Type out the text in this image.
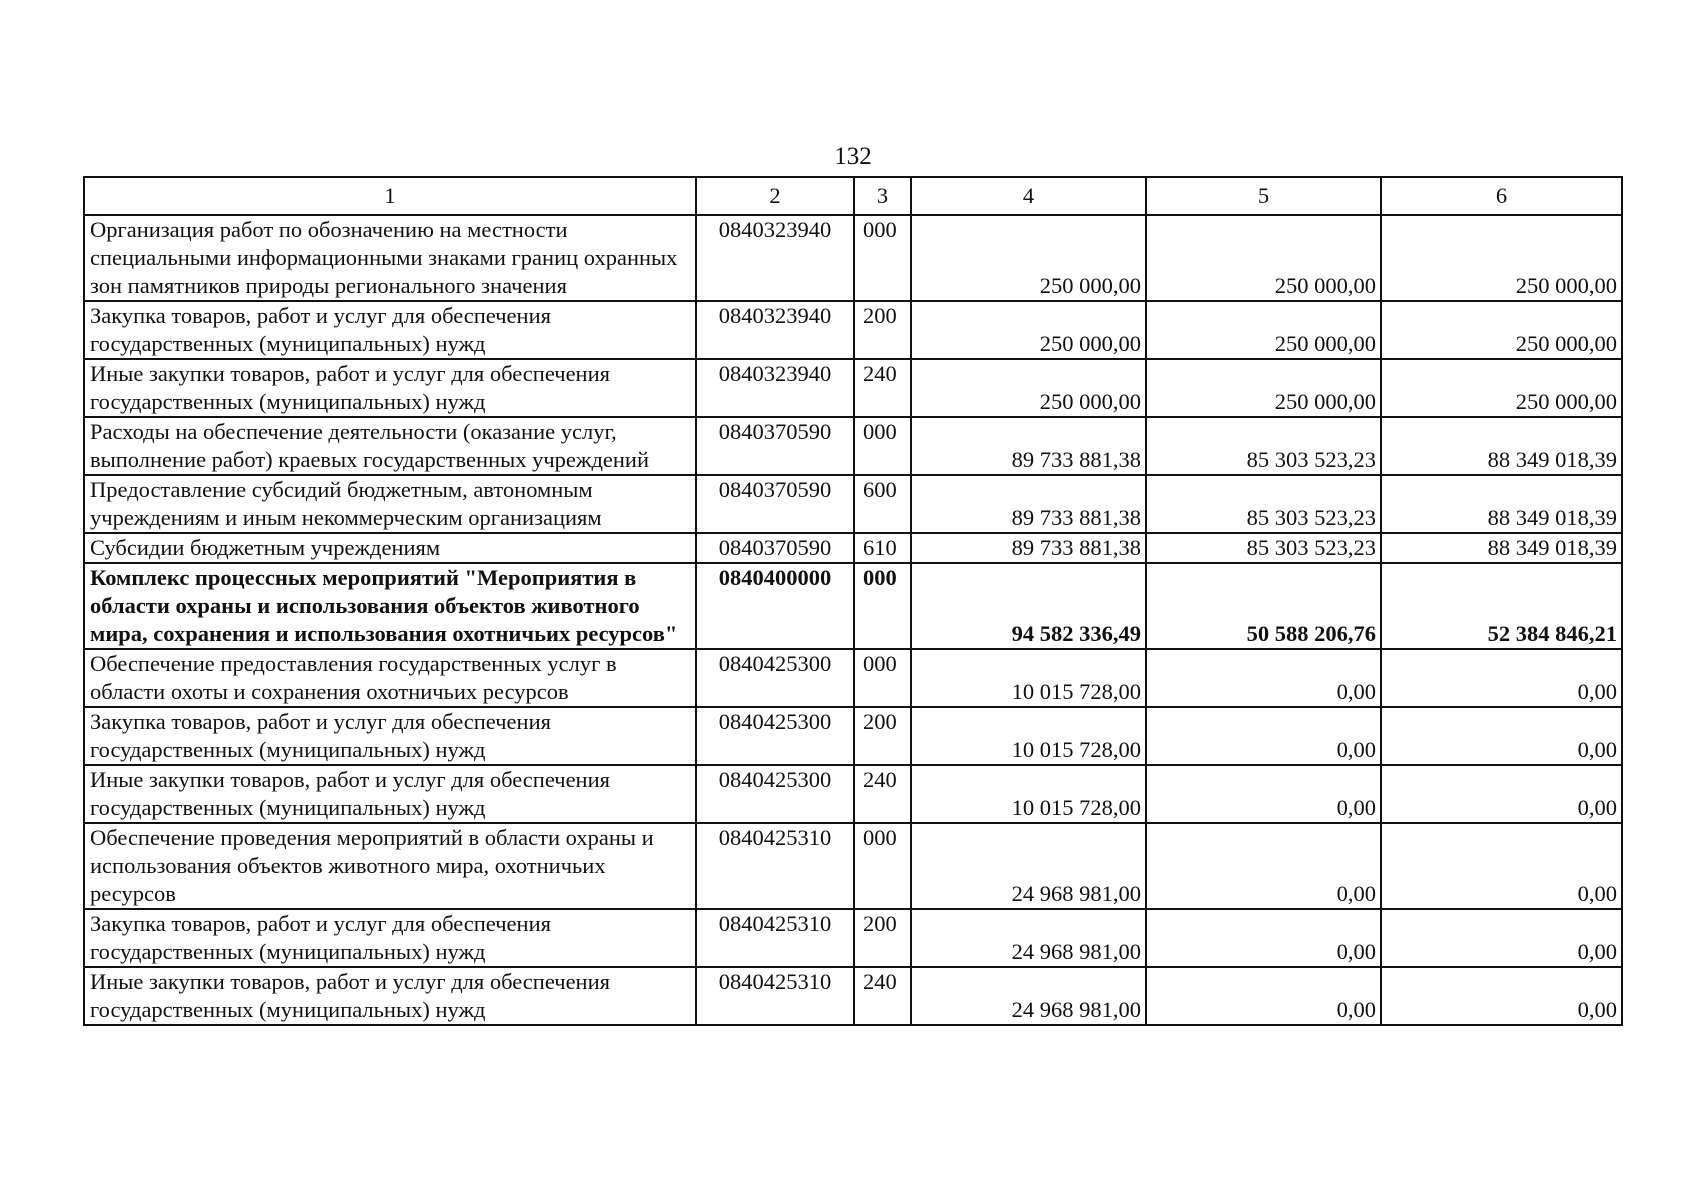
132
1	2	3	4	5	6
Организация работ по обозначению на местности специальными информационными знаками границ охранных зон памятников природы регионального значения	0840323940	000	250 000,00	250 000,00	250 000,00
Закупка товаров, работ и услуг для обеспечения государственных (муниципальных) нужд	0840323940	200	250 000,00	250 000,00	250 000,00
Иные закупки товаров, работ и услуг для обеспечения государственных (муниципальных) нужд	0840323940	240	250 000,00	250 000,00	250 000,00
Расходы на обеспечение деятельности (оказание услуг, выполнение работ) краевых государственных учреждений	0840370590	000	89 733 881,38	85 303 523,23	88 349 018,39
Предоставление субсидий бюджетным, автономным учреждениям и иным некоммерческим организациям	0840370590	600	89 733 881,38	85 303 523,23	88 349 018,39
Субсидии бюджетным учреждениям	0840370590	610	89 733 881,38	85 303 523,23	88 349 018,39
Комплекс процессных мероприятий "Мероприятия в области охраны и использования объектов животного мира, сохранения и использования охотничьих ресурсов"	0840400000	000	94 582 336,49	50 588 206,76	52 384 846,21
Обеспечение предоставления государственных услуг в области охоты и сохранения охотничьих ресурсов	0840425300	000	10 015 728,00	0,00	0,00
Закупка товаров, работ и услуг для обеспечения государственных (муниципальных) нужд	0840425300	200	10 015 728,00	0,00	0,00
Иные закупки товаров, работ и услуг для обеспечения государственных (муниципальных) нужд	0840425300	240	10 015 728,00	0,00	0,00
Обеспечение проведения мероприятий в области охраны и использования объектов животного мира, охотничьих ресурсов	0840425310	000	24 968 981,00	0,00	0,00
Закупка товаров, работ и услуг для обеспечения государственных (муниципальных) нужд	0840425310	200	24 968 981,00	0,00	0,00
Иные закупки товаров, работ и услуг для обеспечения государственных (муниципальных) нужд	0840425310	240	24 968 981,00	0,00	0,00
